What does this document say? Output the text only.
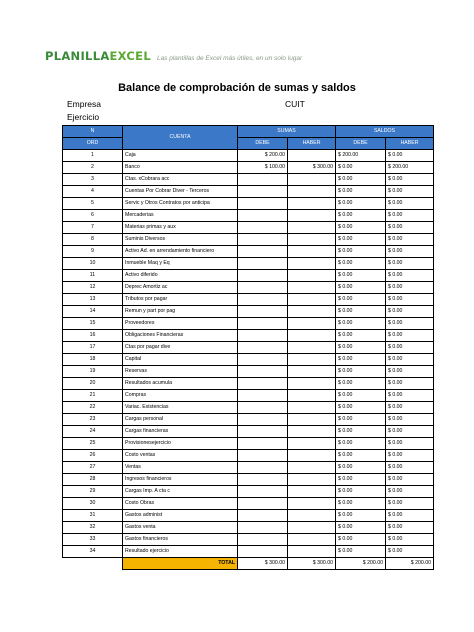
PLANILLAEXCEL Las plantillas de Excel más útiles, en un solo lugar
Balance de comprobación de sumas y saldos
Empresa	CUIT
Ejercicio
N	CUENTA	SUMAS		SALDOS	
ORD		DEBE	HABER	DEBE	HABER
1	Caja	$ 200.00		$ 200.00	$ 0.00
2	Banco	$ 100.00	$ 300.00	$ 0.00	$ 200.00
3	Ctas. xCobrara acc			$ 0.00	$ 0.00
4	Cuentas Por Cobrar Diver - Terceros			$ 0.00	$ 0.00
5	Serviс y Otros Contratos por anticipa			$ 0.00	$ 0.00
6	Mercaderias			$ 0.00	$ 0.00
7	Materias primas y aux			$ 0.00	$ 0.00
8	Suminis Diversos			$ 0.00	$ 0.00
9	Activo Ad. en arrendamiento financiero			$ 0.00	$ 0.00
10	Inmueble Maq y Eq			$ 0.00	$ 0.00
11	Activo diferido			$ 0.00	$ 0.00
12	Deprec Amortiz ac			$ 0.00	$ 0.00
13	Tributos por pagar			$ 0.00	$ 0.00
14	Remun y part por pag			$ 0.00	$ 0.00
15	Proveedores			$ 0.00	$ 0.00
16	Obligaciones Financieras			$ 0.00	$ 0.00
17	Ctas por pagar dive			$ 0.00	$ 0.00
18	Capital			$ 0.00	$ 0.00
19	Reservas			$ 0.00	$ 0.00
20	Resultados acumula			$ 0.00	$ 0.00
21	Compras			$ 0.00	$ 0.00
22	Variac. Existencias			$ 0.00	$ 0.00
23	Cargas personal			$ 0.00	$ 0.00
24	Cargas financieras			$ 0.00	$ 0.00
25	Provisionesejercicio			$ 0.00	$ 0.00
26	Costo ventas			$ 0.00	$ 0.00
27	Ventas			$ 0.00	$ 0.00
28	Ingresos financieros			$ 0.00	$ 0.00
29	Cargas Imp. A cta c			$ 0.00	$ 0.00
30	Costo Obras			$ 0.00	$ 0.00
31	Gastos administ			$ 0.00	$ 0.00
32	Gastos venta			$ 0.00	$ 0.00
33	Gastos financieros			$ 0.00	$ 0.00
34	Resultado ejercicio			$ 0.00	$ 0.00
	TOTAL	$ 300.00	$ 300.00	$ 200.00	$ 200.00
